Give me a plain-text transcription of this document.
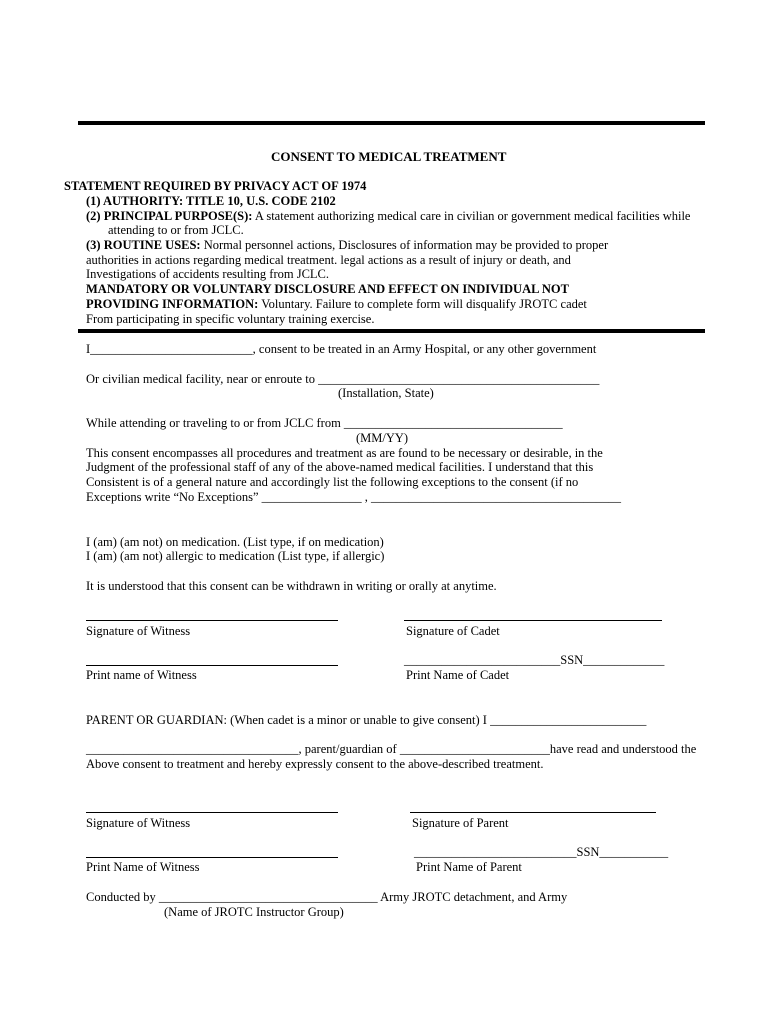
CONSENT TO MEDICAL TREATMENT
STATEMENT REQUIRED BY PRIVACY ACT OF 1974
(1) AUTHORITY: TITLE 10, U.S. CODE 2102
(2) PRINCIPAL PURPOSE(S): A statement authorizing medical care in civilian or government medical facilities while
attending to or from JCLC.
(3) ROUTINE USES: Normal personnel actions, Disclosures of information may be provided to proper
authorities in actions regarding medical treatment. legal actions as a result of injury or death, and
Investigations of accidents resulting from JCLC.
MANDATORY OR VOLUNTARY DISCLOSURE AND EFFECT ON INDIVIDUAL NOT
PROVIDING INFORMATION: Voluntary. Failure to complete form will disqualify JROTC cadet
From participating in specific voluntary training exercise.
I__________________________, consent to be treated in an Army Hospital, or any other government
Or civilian medical facility, near or enroute to _____________________________________________
(Installation, State)
While attending or traveling to or from JCLC from ___________________________________
(MM/YY)
This consent encompasses all procedures and treatment as are found to be necessary or desirable, in the
Judgment of the professional staff of any of the above-named medical facilities. I understand that this
Consistent is of a general nature and accordingly list the following exceptions to the consent (if no
Exceptions write “No Exceptions” ________________ , ________________________________________
I (am) (am not) on medication. (List type, if on medication)
I (am) (am not) allergic to medication (List type, if allergic)
It is understood that this consent can be withdrawn in writing or orally at anytime.
Signature of Witness	Signature of Cadet
_________________________SSN_____________
Print name of Witness	Print Name of Cadet
PARENT OR GUARDIAN: (When cadet is a minor or unable to give consent) I _________________________
__________________________________, parent/guardian of ________________________have read and understood the
Above consent to treatment and hereby expressly consent to the above-described treatment.
Signature of Witness	Signature of Parent
__________________________SSN___________
Print Name of Witness	Print Name of Parent
Conducted by ___________________________________ Army JROTC detachment, and Army
(Name of JROTC Instructor Group)
